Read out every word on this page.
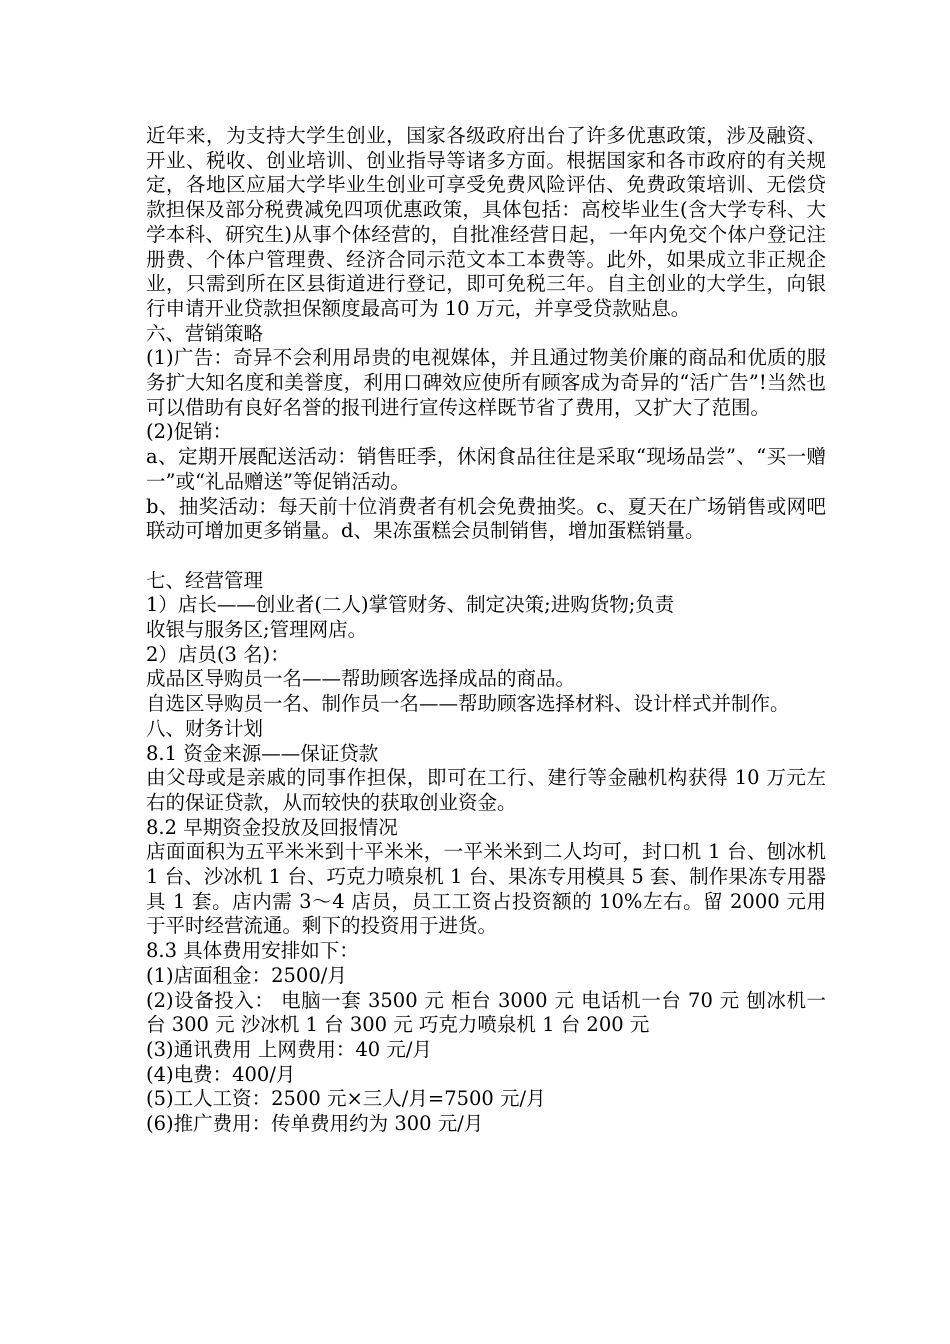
近年来，为支持大学生创业，国家各级政府出台了许多优惠政策，涉及融资、开业、税收、创业培训、创业指导等诸多方面。根据国家和各市政府的有关规定，各地区应届大学毕业生创业可享受免费风险评估、免费政策培训、无偿贷款担保及部分税费减免四项优惠政策，具体包括：高校毕业生(含大学专科、大学本科、研究生)从事个体经营的，自批准经营日起，一年内免交个体户登记注册费、个体户管理费、经济合同示范文本工本费等。此外，如果成立非正规企业，只需到所在区县街道进行登记，即可免税三年。自主创业的大学生，向银行申请开业贷款担保额度最高可为 10 万元，并享受贷款贴息。

六、营销策略

(1)广告：奇异不会利用昂贵的电视媒体，并且通过物美价廉的商品和优质的服务扩大知名度和美誉度，利用口碑效应使所有顾客成为奇异的“活广告”!当然也可以借助有良好名誉的报刊进行宣传这样既节省了费用，又扩大了范围。

(2)促销：

a、定期开展配送活动：销售旺季，休闲食品往往是采取“现场品尝”、“买一赠一”或“礼品赠送”等促销活动。

b、抽奖活动：每天前十位消费者有机会免费抽奖。c、夏天在广场销售或网吧联动可增加更多销量。d、果冻蛋糕会员制销售，增加蛋糕销量。

七、经营管理

1）店长——创业者(二人)掌管财务、制定决策;进购货物;负责

收银与服务区;管理网店。

2）店员(3 名)：

成品区导购员一名——帮助顾客选择成品的商品。

自选区导购员一名、制作员一名——帮助顾客选择材料、设计样式并制作。

八、财务计划

8.1 资金来源——保证贷款

由父母或是亲戚的同事作担保，即可在工行、建行等金融机构获得 10 万元左右的保证贷款，从而较快的获取创业资金。

8.2 早期资金投放及回报情况

店面面积为五平米米到十平米米，一平米米到二人均可，封口机 1 台、刨冰机 1 台、沙冰机 1 台、巧克力喷泉机 1 台、果冻专用模具 5 套、制作果冻专用器具 1 套。店内需 3～4 店员，员工工资占投资额的 10%左右。留 2000 元用于平时经营流通。剩下的投资用于进货。

8.3 具体费用安排如下：

(1)店面租金：2500/月

(2)设备投入： 电脑一套 3500 元 柜台 3000 元 电话机一台 70 元 刨冰机一台 300 元 沙冰机 1 台 300 元 巧克力喷泉机 1 台 200 元

(3)通讯费用 上网费用：40 元/月

(4)电费：400/月

(5)工人工资：2500 元×三人/月=7500 元/月

(6)推广费用：传单费用约为 300 元/月
